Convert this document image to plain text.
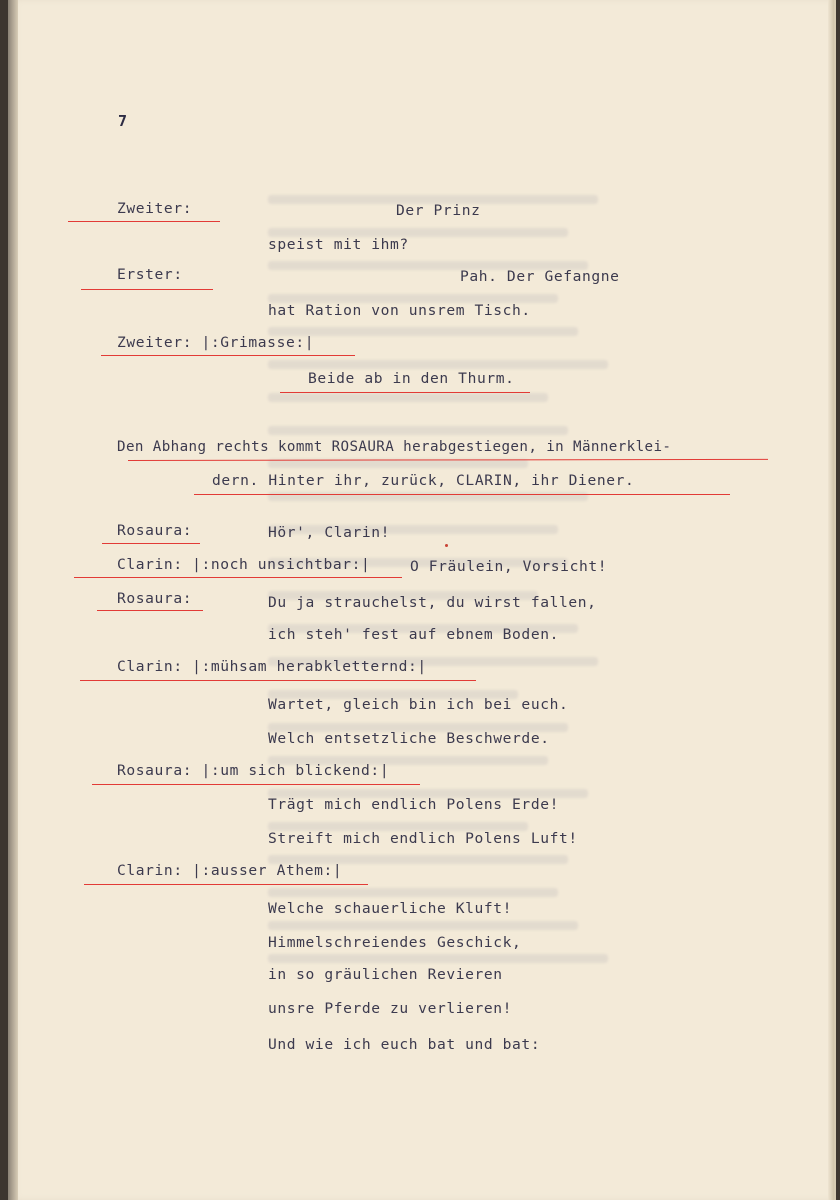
7
Zweiter:	Der Prinz
speist mit ihm?
Erster:	Pah. Der Gefangne
hat Ration von unsrem Tisch.
Zweiter: |:Grimasse:|
Beide ab in den Thurm.
Den Abhang rechts kommt ROSAURA herabgestiegen, in Männerklei-
dern. Hinter ihr, zurück, CLARIN, ihr Diener.
Rosaura:	Hör', Clarin!
Clarin: |:noch unsichtbar:|	O Fräulein, Vorsicht!
Rosaura:	Du ja strauchelst, du wirst fallen,
ich steh' fest auf ebnem Boden.
Clarin: |:mühsam herabkletternd:|
Wartet, gleich bin ich bei euch.
Welch entsetzliche Beschwerde.
Rosaura: |:um sich blickend:|
Trägt mich endlich Polens Erde!
Streift mich endlich Polens Luft!
Clarin: |:ausser Athem:|
Welche schauerliche Kluft!
Himmelschreiendes Geschick,
in so gräulichen Revieren
unsre Pferde zu verlieren!
Und wie ich euch bat und bat:
